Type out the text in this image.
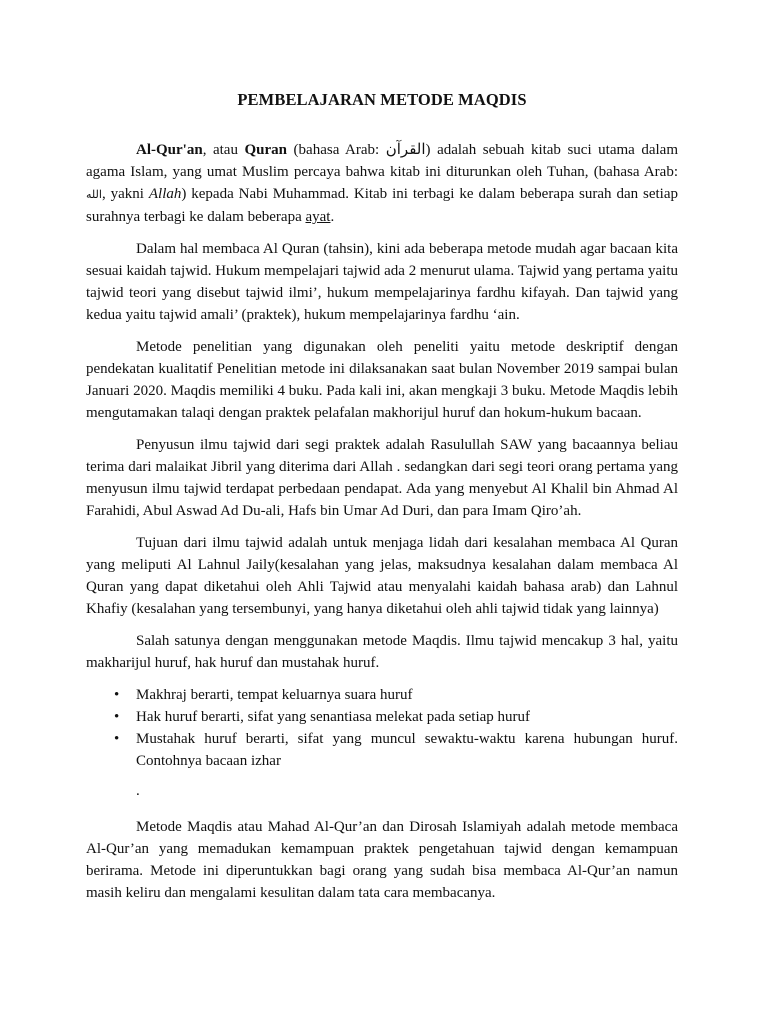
PEMBELAJARAN METODE MAQDIS

Al-Qur'an, atau Quran (bahasa Arab: القرآن) adalah sebuah kitab suci utama dalam agama Islam, yang umat Muslim percaya bahwa kitab ini diturunkan oleh Tuhan, (bahasa Arab: الله, yakni Allah) kepada Nabi Muhammad. Kitab ini terbagi ke dalam beberapa surah dan setiap surahnya terbagi ke dalam beberapa ayat.

Dalam hal membaca Al Quran (tahsin), kini ada beberapa metode mudah agar bacaan kita sesuai kaidah tajwid. Hukum mempelajari tajwid ada 2 menurut ulama. Tajwid yang pertama yaitu tajwid teori yang disebut tajwid ilmi’, hukum mempelajarinya fardhu kifayah. Dan tajwid yang kedua yaitu tajwid amali’ (praktek), hukum mempelajarinya fardhu ‘ain.

Metode penelitian yang digunakan oleh peneliti yaitu metode deskriptif dengan pendekatan kualitatif Penelitian metode ini dilaksanakan saat bulan November 2019 sampai bulan Januari 2020. Maqdis memiliki 4 buku. Pada kali ini, akan mengkaji 3 buku. Metode Maqdis lebih mengutamakan talaqi dengan praktek pelafalan makhorijul huruf dan hokum-hukum bacaan.

Penyusun ilmu tajwid dari segi praktek adalah Rasulullah SAW yang bacaannya beliau terima dari malaikat Jibril yang diterima dari Allah . sedangkan dari segi teori orang pertama yang menyusun ilmu tajwid terdapat perbedaan pendapat. Ada yang menyebut Al Khalil bin Ahmad Al Farahidi, Abul Aswad Ad Du-ali, Hafs bin Umar Ad Duri, dan para Imam Qiro’ah.

Tujuan dari ilmu tajwid adalah untuk menjaga lidah dari kesalahan membaca Al Quran yang meliputi Al Lahnul Jaily(kesalahan yang jelas, maksudnya kesalahan dalam membaca Al Quran yang dapat diketahui oleh Ahli Tajwid atau menyalahi kaidah bahasa arab) dan Lahnul Khafiy (kesalahan yang tersembunyi, yang hanya diketahui oleh ahli tajwid tidak yang lainnya)

Salah satunya dengan menggunakan metode Maqdis. Ilmu tajwid mencakup 3 hal, yaitu makharijul huruf, hak huruf dan mustahak huruf.

• Makhraj berarti, tempat keluarnya suara huruf
• Hak huruf berarti, sifat yang senantiasa melekat pada setiap huruf
• Mustahak huruf berarti, sifat yang muncul sewaktu-waktu karena hubungan huruf. Contohnya bacaan izhar
.

Metode Maqdis atau Mahad Al-Qur’an dan Dirosah Islamiyah adalah metode membaca Al-Qur’an yang memadukan kemampuan praktek pengetahuan tajwid dengan kemampuan berirama. Metode ini diperuntukkan bagi orang yang sudah bisa membaca Al-Qur’an namun masih keliru dan mengalami kesulitan dalam tata cara membacanya.
